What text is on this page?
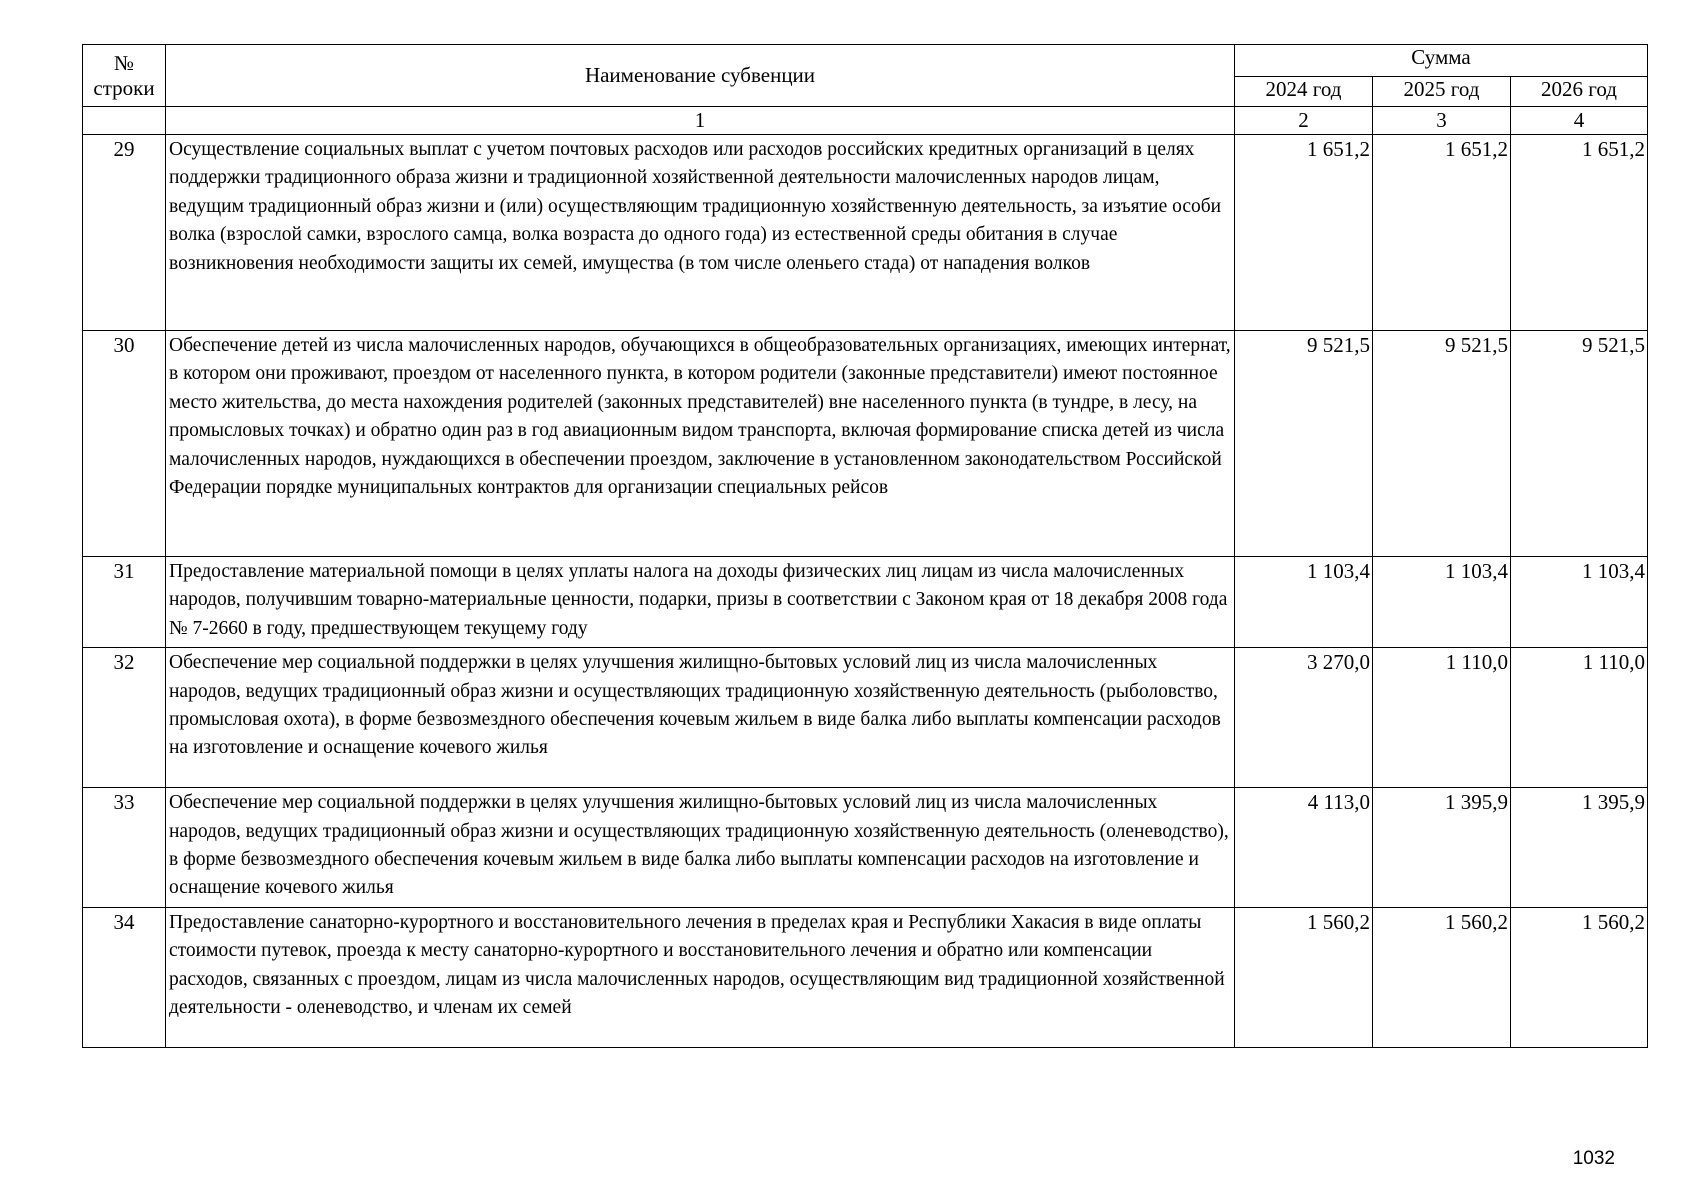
№
строки	Наименование субвенции	Сумма		
		2024 год	2025 год	2026 год
	1	2	3	4
29	Осуществление социальных выплат с учетом почтовых расходов или расходов российских кредитных организаций в целях поддержки традиционного образа жизни и традиционной хозяйственной деятельности малочисленных народов лицам, ведущим традиционный образ жизни и (или) осуществляющим традиционную хозяйственную деятельность, за изъятие особи волка (взрослой самки, взрослого самца, волка возраста до одного года) из естественной среды обитания в случае возникновения необходимости защиты их семей, имущества (в том числе оленьего стада) от нападения волков	1 651,2	1 651,2	1 651,2
30	Обеспечение детей из числа малочисленных народов, обучающихся в общеобразовательных организациях, имеющих интернат, в котором они проживают, проездом от населенного пункта, в котором родители (законные представители) имеют постоянное место жительства, до места нахождения родителей (законных представителей) вне населенного пункта (в тундре, в лесу, на промысловых точках) и обратно один раз в год авиационным видом транспорта, включая формирование списка детей из числа малочисленных народов, нуждающихся в обеспечении проездом, заключение в установленном законодательством Российской Федерации порядке муниципальных контрактов для организации специальных рейсов	9 521,5	9 521,5	9 521,5
31	Предоставление материальной помощи в целях уплаты налога на доходы физических лиц лицам из числа малочисленных народов, получившим товарно-материальные ценности, подарки, призы в соответствии с Законом края от 18 декабря 2008 года № 7-2660 в году, предшествующем текущему году	1 103,4	1 103,4	1 103,4
32	Обеспечение мер социальной поддержки в целях улучшения жилищно-бытовых условий лиц из числа малочисленных народов, ведущих традиционный образ жизни и осуществляющих традиционную хозяйственную деятельность (рыболовство, промысловая охота), в форме безвозмездного обеспечения кочевым жильем в виде балка либо выплаты компенсации расходов на изготовление и оснащение кочевого жилья	3 270,0	1 110,0	1 110,0
33	Обеспечение мер социальной поддержки в целях улучшения жилищно-бытовых условий лиц из числа малочисленных народов, ведущих традиционный образ жизни и осуществляющих традиционную хозяйственную деятельность (оленеводство), в форме безвозмездного обеспечения кочевым жильем в виде балка либо выплаты компенсации расходов на изготовление и оснащение кочевого жилья	4 113,0	1 395,9	1 395,9
34	Предоставление санаторно-курортного и восстановительного лечения в пределах края и Республики Хакасия в виде оплаты стоимости путевок, проезда к месту санаторно-курортного и восстановительного лечения и обратно или компенсации расходов, связанных с проездом, лицам из числа малочисленных народов, осуществляющим вид традиционной хозяйственной деятельности - оленеводство, и членам их семей	1 560,2	1 560,2	1 560,2
1032
